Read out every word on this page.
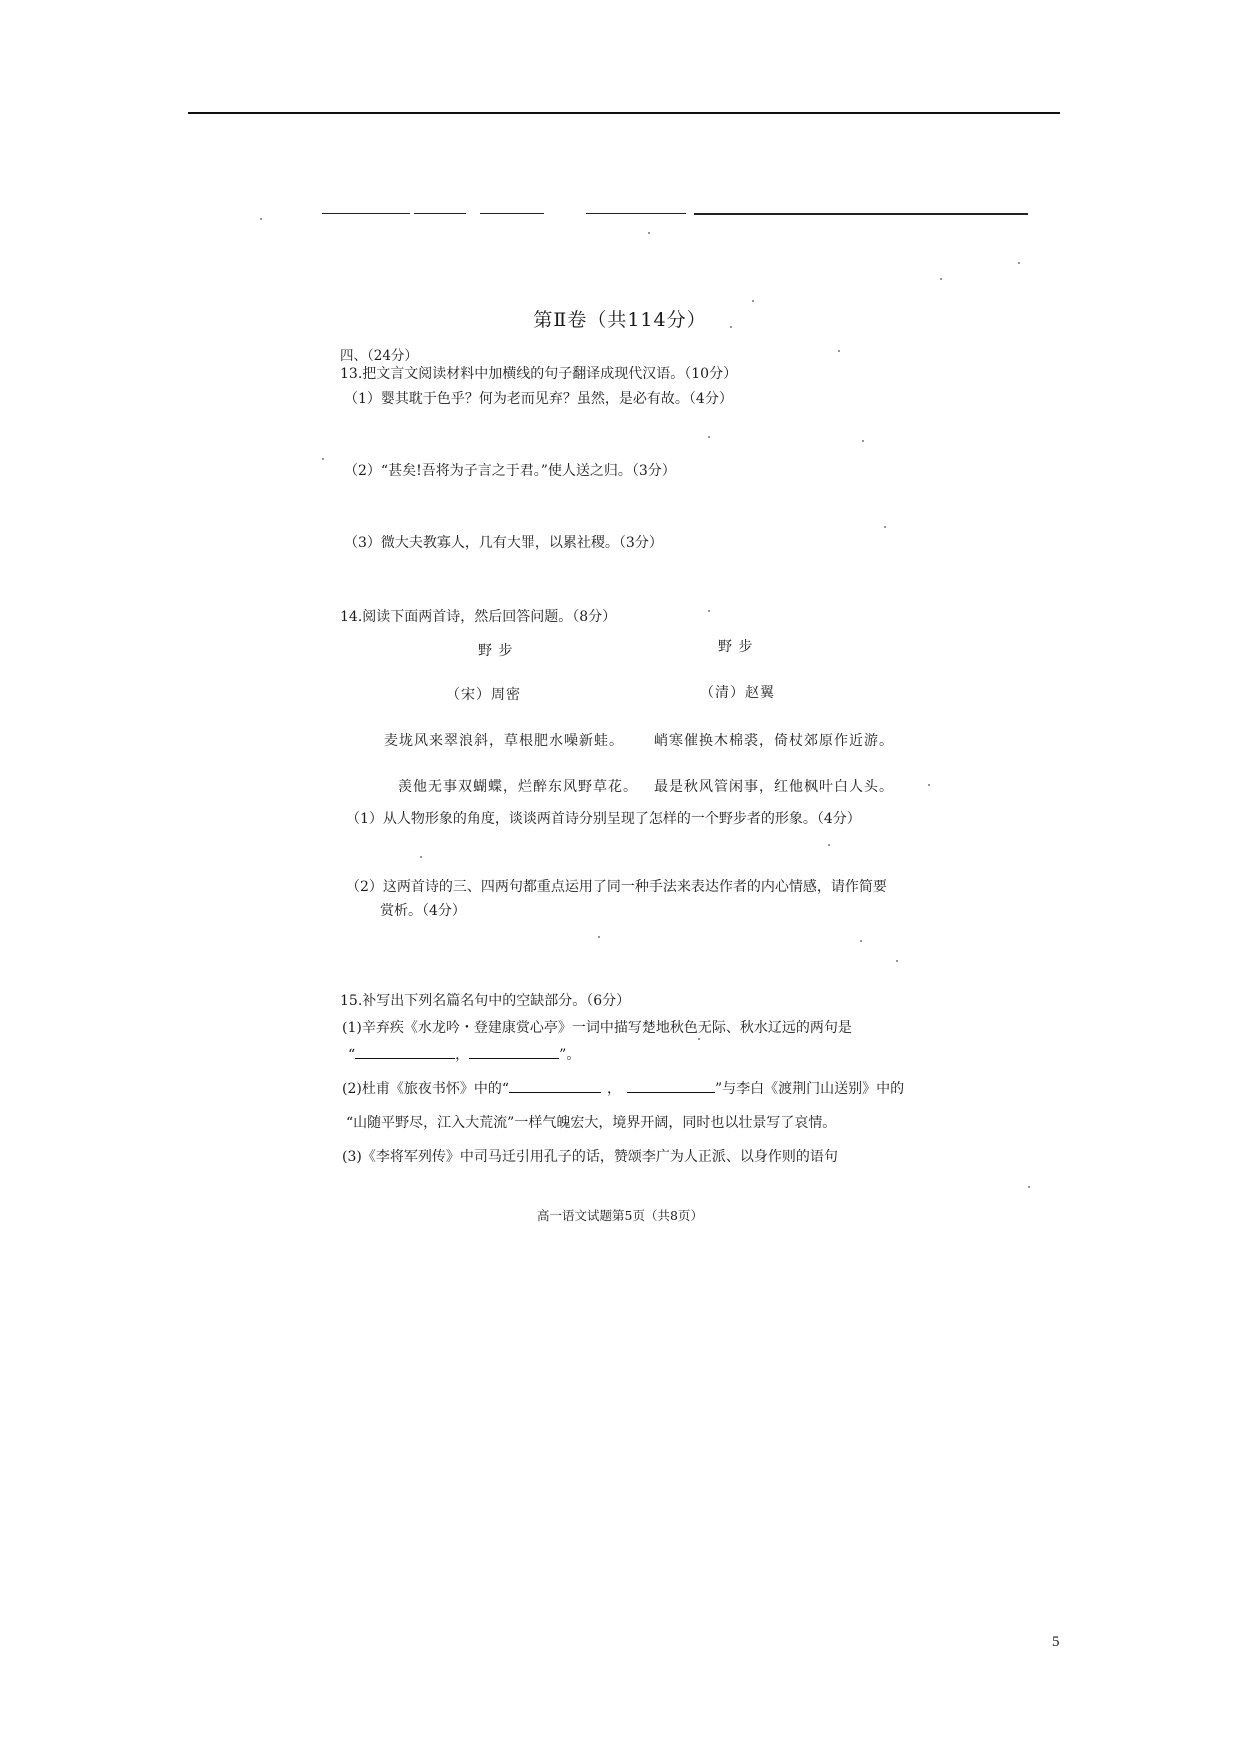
第Ⅱ卷（共114分）
四、（24分）
13.把文言文阅读材料中加横线的句子翻译成现代汉语。（10分）
（1）婴其耽于色乎？何为老而见弃？虽然，是必有故。（4分）
（2）“甚矣!吾将为子言之于君。”使人送之归。（3分）
（3）微大夫教寡人，几有大罪，以累社稷。（3分）
14.阅读下面两首诗，然后回答问题。（8分）
野 步	野 步
（宋）周密	（清）赵翼
麦垅风来翠浪斜，草根肥水噪新蛙。 峭寒催换木棉裘，倚杖郊原作近游。
羡他无事双蝴蝶，烂醉东风野草花。 最是秋风管闲事，红他枫叶白人头。
（1）从人物形象的角度，谈谈两首诗分别呈现了怎样的一个野步者的形象。（4分）
（2）这两首诗的三、四两句都重点运用了同一种手法来表达作者的内心情感，请作简要
赏析。（4分）
15.补写出下列名篇名句中的空缺部分。（6分）
(1)辛弃疾《水龙吟・登建康赏心亭》一词中描写楚地秋色无际、秋水辽远的两句是
“	，	”。
(2)杜甫《旅夜书怀》中的“	，	”与李白《渡荆门山送别》中的
“山随平野尽，江入大荒流”一样气魄宏大，境界开阔，同时也以壮景写了哀情。
(3)《李将军列传》中司马迁引用孔子的话，赞颂李广为人正派、以身作则的语句
高一语文试题第5页（共8页）
5
